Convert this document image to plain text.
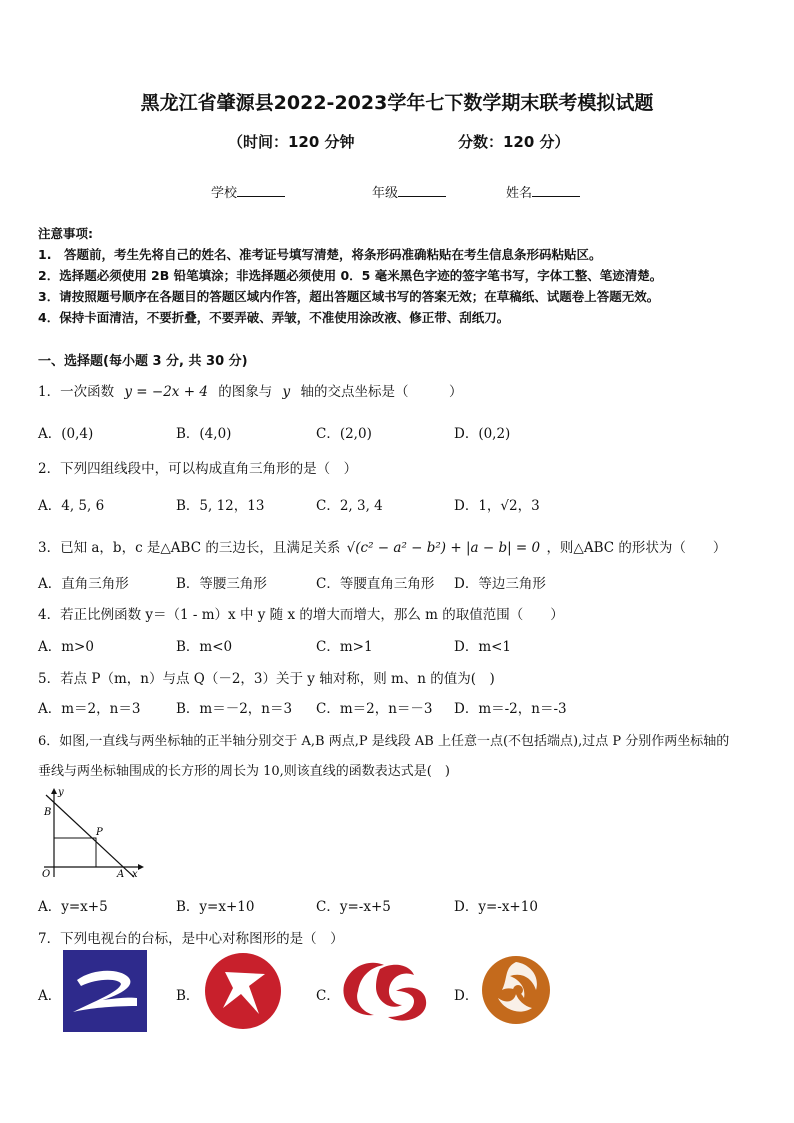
黑龙江省肇源县2022-2023学年七下数学期末联考模拟试题
（时间：120 分钟	分数：120 分）
学校	年级	姓名
注意事项:
1.　答题前，考生先将自己的姓名、准考证号填写清楚，将条形码准确粘贴在考生信息条形码粘贴区。
2．选择题必须使用 2B 铅笔填涂；非选择题必须使用 0．5 毫米黑色字迹的签字笔书写，字体工整、笔迹清楚。
3．请按照题号顺序在各题目的答题区域内作答，超出答题区域书写的答案无效；在草稿纸、试题卷上答题无效。
4．保持卡面清洁，不要折叠，不要弄破、弄皱，不准使用涂改液、修正带、刮纸刀。
一、选择题(每小题 3 分, 共 30 分)
1．一次函数 y = −2x + 4 的图象与 y 轴的交点坐标是（　　　）
A．(0,4)	B．(4,0)	C．(2,0)	D．(0,2)
2．下列四组线段中，可以构成直角三角形的是（　）
A．4, 5, 6	B．5, 12，13	C．2, 3, 4	D．1，√2，3
3．已知 a，b，c 是△ABC 的三边长，且满足关系 √(c² − a² − b²) + |a − b| = 0 ，则△ABC 的形状为（　　）
A．直角三角形	B．等腰三角形	C．等腰直角三角形 D．等边三角形
4．若正比例函数 y＝（1 - m）x 中 y 随 x 的增大而增大，那么 m 的取值范围（　　）
A．m>0	B．m<0	C．m>1	D．m<1
5．若点 P（m，n）与点 Q（－2，3）关于 y 轴对称，则 m、n 的值为(　)
A．m＝2，n＝3	B．m＝－2，n＝3 C．m＝2，n＝－3 D．m＝-2，n＝-3
6．如图,一直线与两坐标轴的正半轴分别交于 A,B 两点,P 是线段 AB 上任意一点(不包括端点),过点 P 分别作两坐标轴的
垂线与两坐标轴围成的长方形的周长为 10,则该直线的函数表达式是(　)
y
x
O	A
B
P
A．y=x+5	B．y=x+10	C．y=-x+5	D．y=-x+10
7．下列电视台的台标，是中心对称图形的是（　）
A．	B．	C．	D．
